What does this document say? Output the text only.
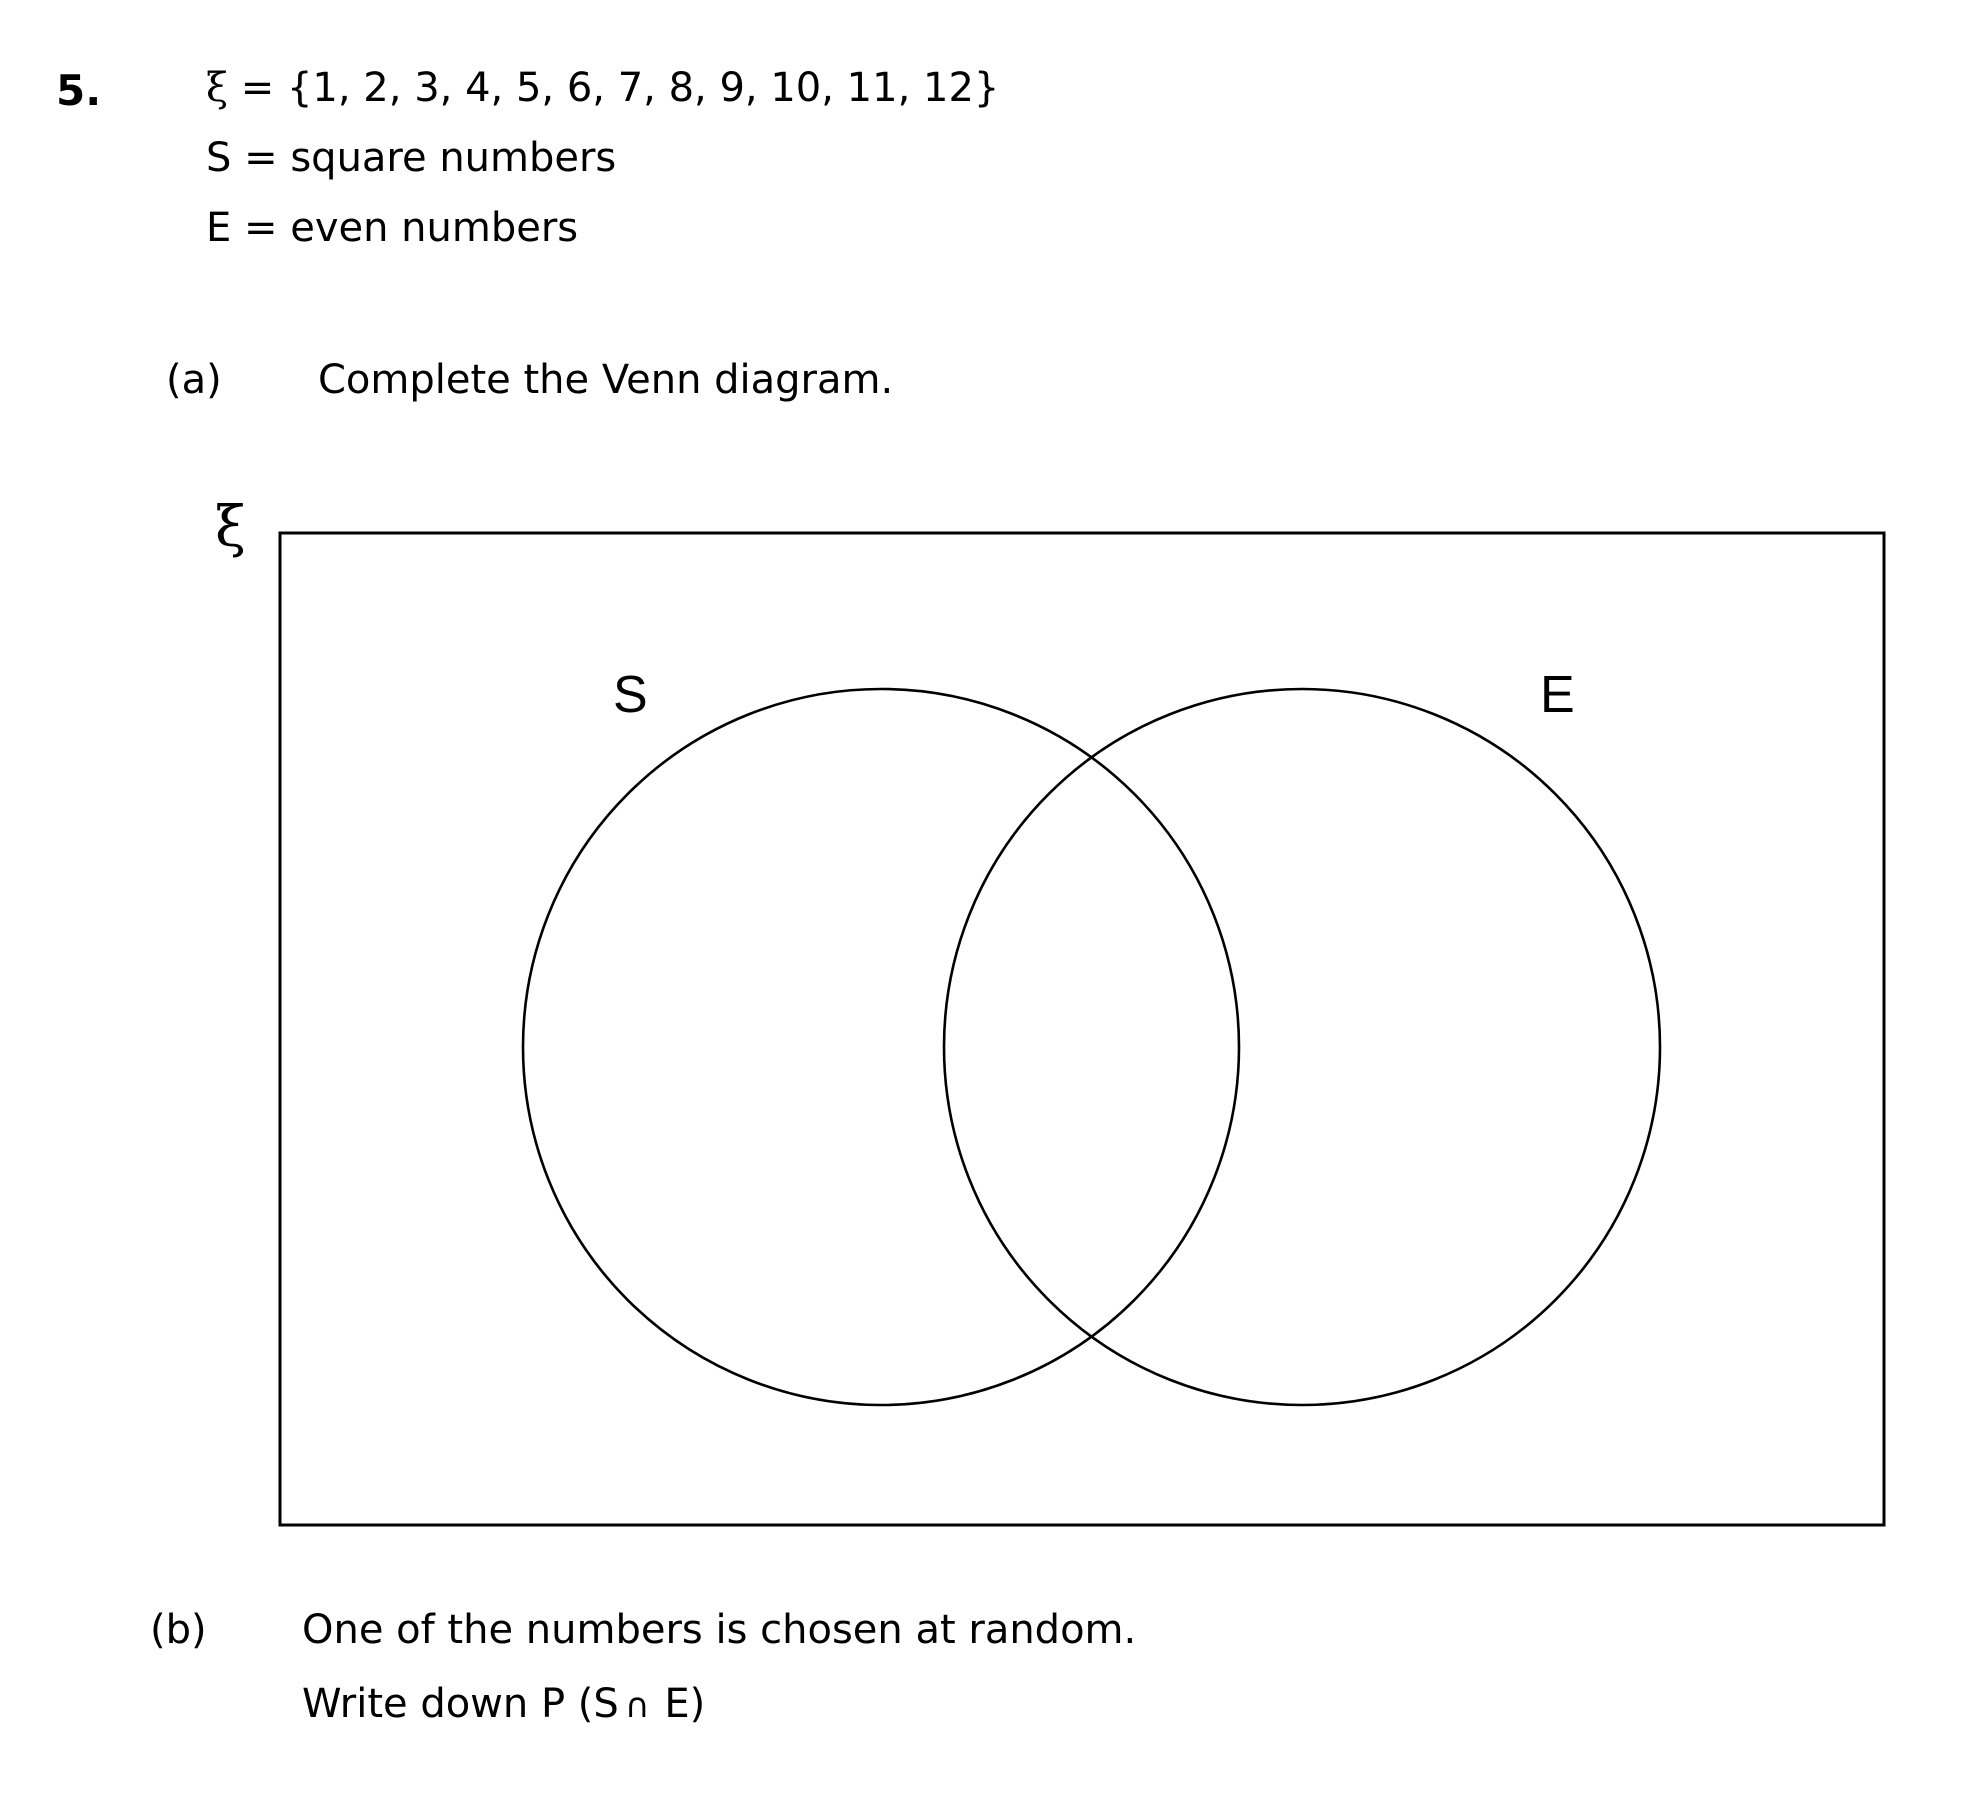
5.	ξ = {1, 2, 3, 4, 5, 6, 7, 8, 9, 10, 11, 12}
S = square numbers
E = even numbers
(a) Complete the Venn diagram.
ξ
S	E
(b) One of the numbers is chosen at random.
Write down P (S ∩ E)
